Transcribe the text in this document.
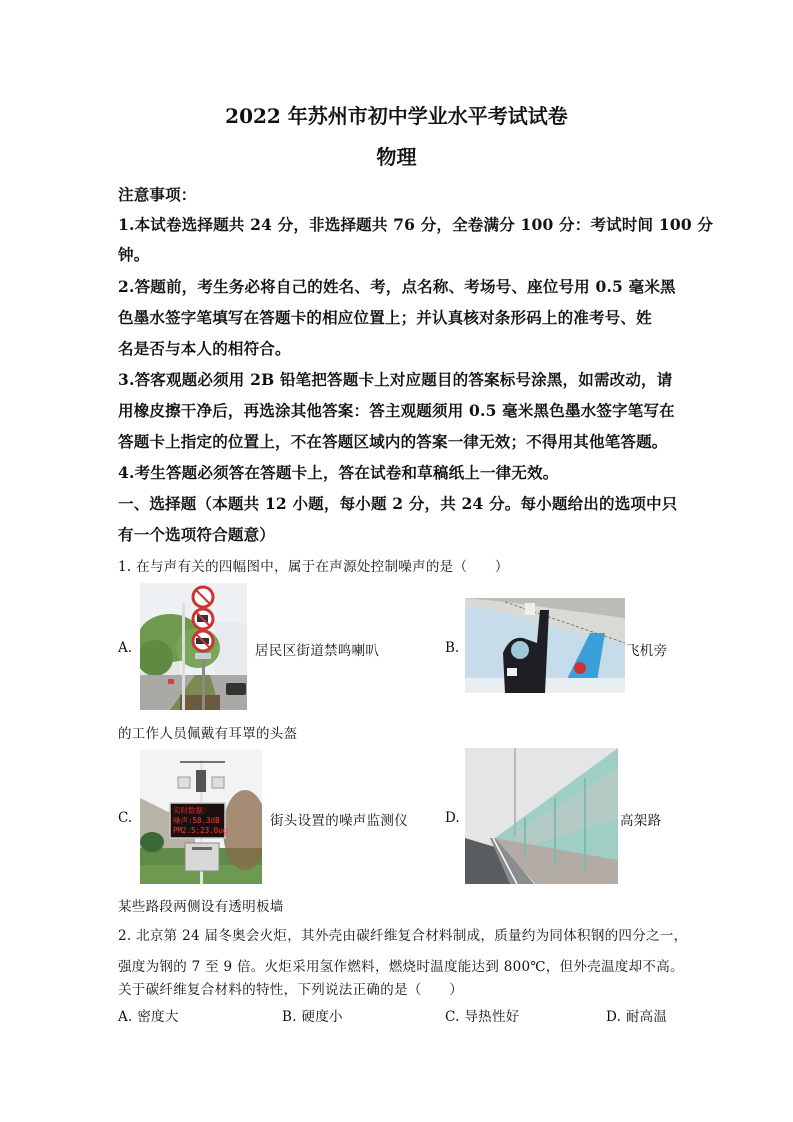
2022 年苏州市初中学业水平考试试卷
物理
注意事项：
1.本试卷选择题共 24 分，非选择题共 76 分，全卷满分 100 分：考试时间 100 分
钟。
2.答题前，考生务必将自己的姓名、考，点名称、考场号、座位号用 0.5 毫米黑
色墨水签字笔填写在答题卡的相应位置上；并认真核对条形码上的准考号、姓
名是否与本人的相符合。
3.答客观题必须用 2B 铅笔把答题卡上对应题目的答案标号涂黑，如需改动，请
用橡皮擦干净后，再选涂其他答案：答主观题须用 0.5 毫米黑色墨水签字笔写在
答题卡上指定的位置上，不在答题区域内的答案一律无效；不得用其他笔答题。
4.考生答题必须答在答题卡上，答在试卷和草稿纸上一律无效。
一、选择题（本题共 12 小题，每小题 2 分，共 24 分。每小题给出的选项中只
有一个选项符合题意）
1. 在与声有关的四幅图中，属于在声源处控制噪声的是（　　）
A.	居民区街道禁鸣喇叭	B.	飞机旁
的工作人员佩戴有耳罩的头盔
C.	实时数据：
噪声:58.3dB
PM2.5:23.0ug
街头设置的噪声监测仪	D.	高架路
某些路段两侧设有透明板墙
2. 北京第 24 届冬奥会火炬，其外壳由碳纤维复合材料制成，质量约为同体积钢的四分之一，
强度为钢的 7 至 9 倍。火炬采用氢作燃料，燃烧时温度能达到 800℃，但外壳温度却不高。
关于碳纤维复合材料的特性，下列说法正确的是（　　）
A. 密度大	B. 硬度小	C. 导热性好	D. 耐高温
